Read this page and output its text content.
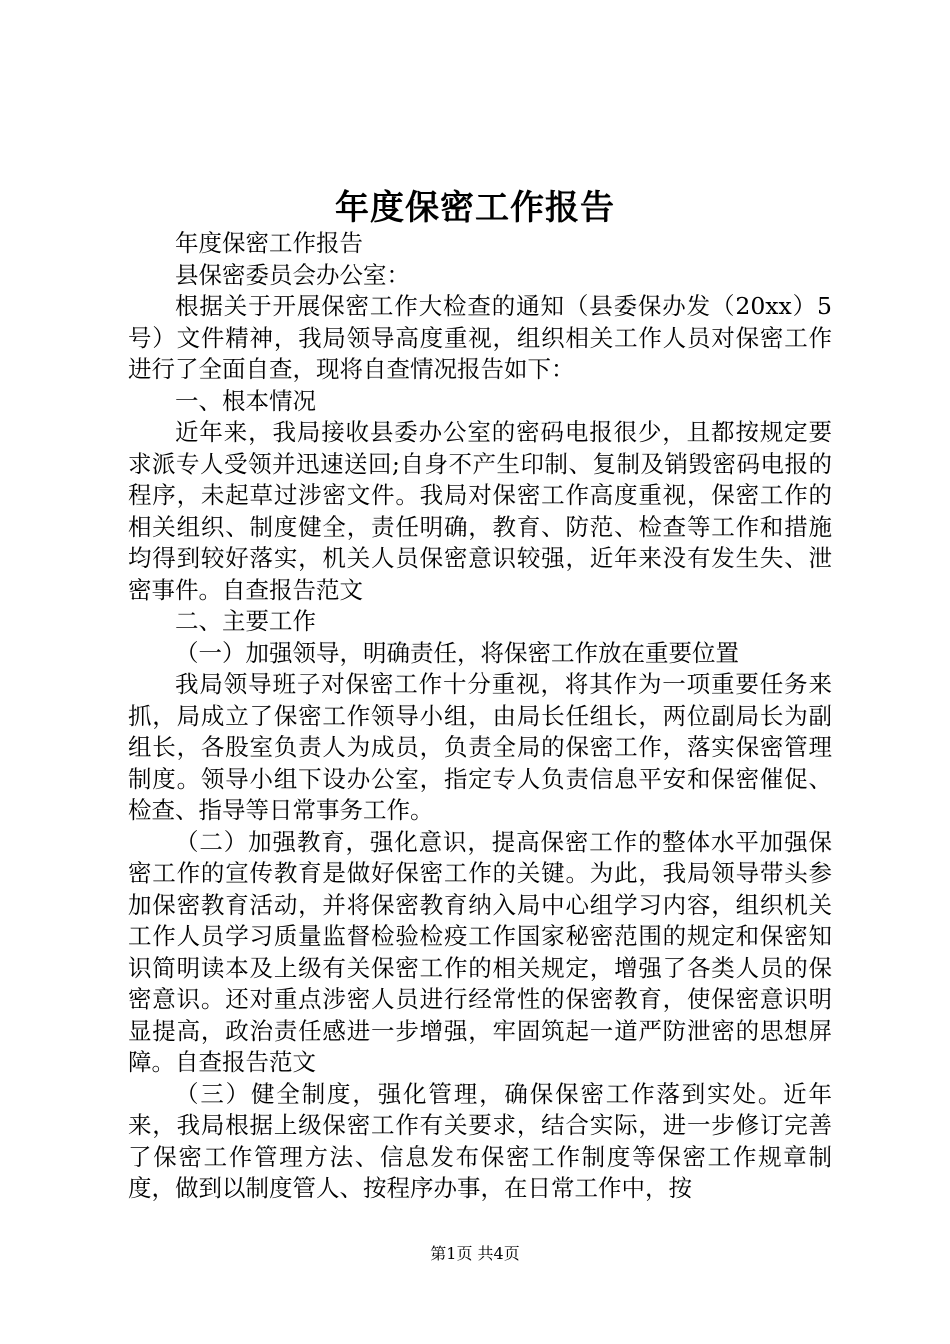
年度保密工作报告

年度保密工作报告

县保密委员会办公室：

根据关于开展保密工作大检查的通知（县委保办发（20xx）5号）文件精神，我局领导高度重视，组织相关工作人员对保密工作进行了全面自查，现将自查情况报告如下：

一、根本情况

近年来，我局接收县委办公室的密码电报很少，且都按规定要求派专人受领并迅速送回;自身不产生印制、复制及销毁密码电报的程序，未起草过涉密文件。我局对保密工作高度重视，保密工作的相关组织、制度健全，责任明确，教育、防范、检查等工作和措施均得到较好落实，机关人员保密意识较强，近年来没有发生失、泄密事件。自查报告范文

二、主要工作

（一）加强领导，明确责任，将保密工作放在重要位置

我局领导班子对保密工作十分重视，将其作为一项重要任务来抓，局成立了保密工作领导小组，由局长任组长，两位副局长为副组长，各股室负责人为成员，负责全局的保密工作，落实保密管理制度。领导小组下设办公室，指定专人负责信息平安和保密催促、检查、指导等日常事务工作。

（二）加强教育，强化意识，提高保密工作的整体水平加强保密工作的宣传教育是做好保密工作的关键。为此，我局领导带头参加保密教育活动，并将保密教育纳入局中心组学习内容，组织机关工作人员学习质量监督检验检疫工作国家秘密范围的规定和保密知识简明读本及上级有关保密工作的相关规定，增强了各类人员的保密意识。还对重点涉密人员进行经常性的保密教育，使保密意识明显提高，政治责任感进一步增强，牢固筑起一道严防泄密的思想屏障。自查报告范文

（三）健全制度，强化管理，确保保密工作落到实处。近年来，我局根据上级保密工作有关要求，结合实际，进一步修订完善了保密工作管理方法、信息发布保密工作制度等保密工作规章制度，做到以制度管人、按程序办事，在日常工作中，按

第1页 共4页
